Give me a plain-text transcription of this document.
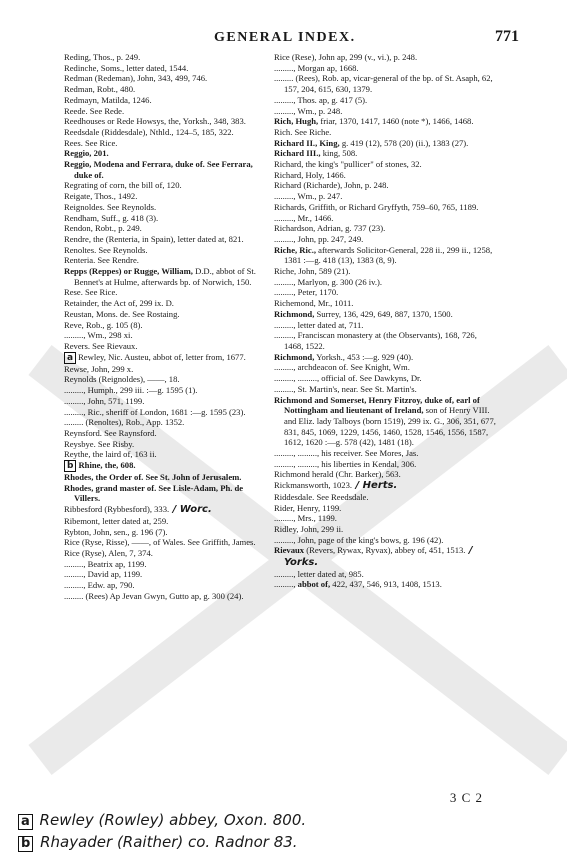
GENERAL INDEX.	771

Reding, Thos., p. 249.

Redinche, Soms., letter dated, 1544.

Redman (Redeman), John, 343, 499, 746.

Redman, Robt., 480.

Redmayn, Matilda, 1246.

Reede. See Rede.

Reedhouses or Rede Howsys, the, Yorksh., 348, 383.

Reedsdale (Riddesdale), Nthld., 124–5, 185, 322.

Rees. See Rice.

Reggio, 201.

Reggio, Modena and Ferrara, duke of. See Ferrara, duke of.

Regrating of corn, the bill of, 120.

Reigate, Thos., 1492.

Reignoldes. See Reynolds.

Rendham, Suff., g. 418 (3).

Rendon, Robt., p. 249.

Rendre, the (Renteria, in Spain), letter dated at, 821.

Renoltes. See Reynolds.

Renteria. See Rendre.

Repps (Reppes) or Rugge, William, D.D., abbot of St. Bennet's at Hulme, afterwards bp. of Norwich, 150.

Rese. See Rice.

Retainder, the Act of, 299 ix. D.

Reustan, Mons. de. See Rostaing.

Reve, Rob., g. 105 (8).

........., Wm., 298 xi.

Revers. See Rievaux.

a Rewley, Nic. Austeu, abbot of, letter from, 1677.

Rewse, John, 299 x.

Reynolds (Reignoldes), ——, 18.

........., Humph., 299 iii. :—g. 1595 (1).

........., John, 571, 1199.

........., Ric., sheriff of London, 1681 :—g. 1595 (23).

......... (Renoltes), Rob., App. 1352.

Reynsford. See Raynsford.

Reysbye. See Risby.

Reythe, the laird of, 163 ii.

b Rhine, the, 608.

Rhodes, the Order of. See St. John of Jerusalem.

Rhodes, grand master of. See Lisle-Adam, Ph. de Villers.

Ribbesford (Rybbesford), 333. / Worc.

Ribemont, letter dated at, 259.

Rybton, John, sen., g. 196 (7).

Rice (Ryse, Risse), ——, of Wales. See Griffith, James.

Rice (Ryse), Alen, 7, 374.

........., Beatrix ap, 1199.

........., David ap, 1199.

........., Edw. ap, 790.

......... (Rees) Ap Jevan Gwyn, Gutto ap, g. 300 (24).

Rice (Rese), John ap, 299 (v., vi.), p. 248.

........., Morgan ap, 1668.

......... (Rees), Rob. ap, vicar-general of the bp. of St. Asaph, 62, 157, 204, 615, 630, 1379.

........., Thos. ap, g. 417 (5).

........., Wm., p. 248.

Rich, Hugh, friar, 1370, 1417, 1460 (note *), 1466, 1468.

Rich. See Riche.

Richard II., King, g. 419 (12), 578 (20) (ii.), 1383 (27).

Richard III., king, 508.

Richard, the king's "pullicer" of stones, 32.

Richard, Holy, 1466.

Richard (Richarde), John, p. 248.

........., Wm., p. 247.

Richards, Griffith, or Richard Gryffyth, 759–60, 765, 1189.

........., Mr., 1466.

Richardson, Adrian, g. 737 (23).

........., John, pp. 247, 249.

Riche, Ric., afterwards Solicitor-General, 228 ii., 299 ii., 1258, 1381 :—g. 418 (13), 1383 (8, 9).

Riche, John, 589 (21).

........., Marlyon, g. 300 (26 iv.).

........., Peter, 1170.

Richemond, Mr., 1011.

Richmond, Surrey, 136, 429, 649, 887, 1370, 1500.

........., letter dated at, 711.

........., Franciscan monastery at (the Observants), 168, 726, 1468, 1522.

Richmond, Yorksh., 453 :—g. 929 (40).

........., archdeacon of. See Knight, Wm.

........., ........., official of. See Dawkyns, Dr.

........., St. Martin's, near. See St. Martin's.

Richmond and Somerset, Henry Fitzroy, duke of, earl of Nottingham and lieutenant of Ireland, son of Henry VIII. and Eliz. lady Talboys (born 1519), 299 ix. G., 306, 351, 677, 831, 845, 1069, 1229, 1456, 1460, 1528, 1546, 1556, 1587, 1612, 1620 :—g. 578 (42), 1481 (18).

........., ........., his receiver. See Mores, Jas.

........., ........., his liberties in Kendal, 306.

Richmond herald (Chr. Barker), 563.

Rickmansworth, 1023. / Herts.

Riddesdale. See Reedsdale.

Rider, Henry, 1199.

........., Mrs., 1199.

Ridley, John, 299 ii.

........., John, page of the king's bows, g. 196 (42).

Rievaux (Revers, Rywax, Ryvax), abbey of, 451, 1513. / Yorks.

........., letter dated at, 985.

........., abbot of, 422, 437, 546, 913, 1408, 1513.

3 C 2
a Rewley (Rowley) abbey, Oxon. 800.
b Rhayader (Raither) co. Radnor 83.
